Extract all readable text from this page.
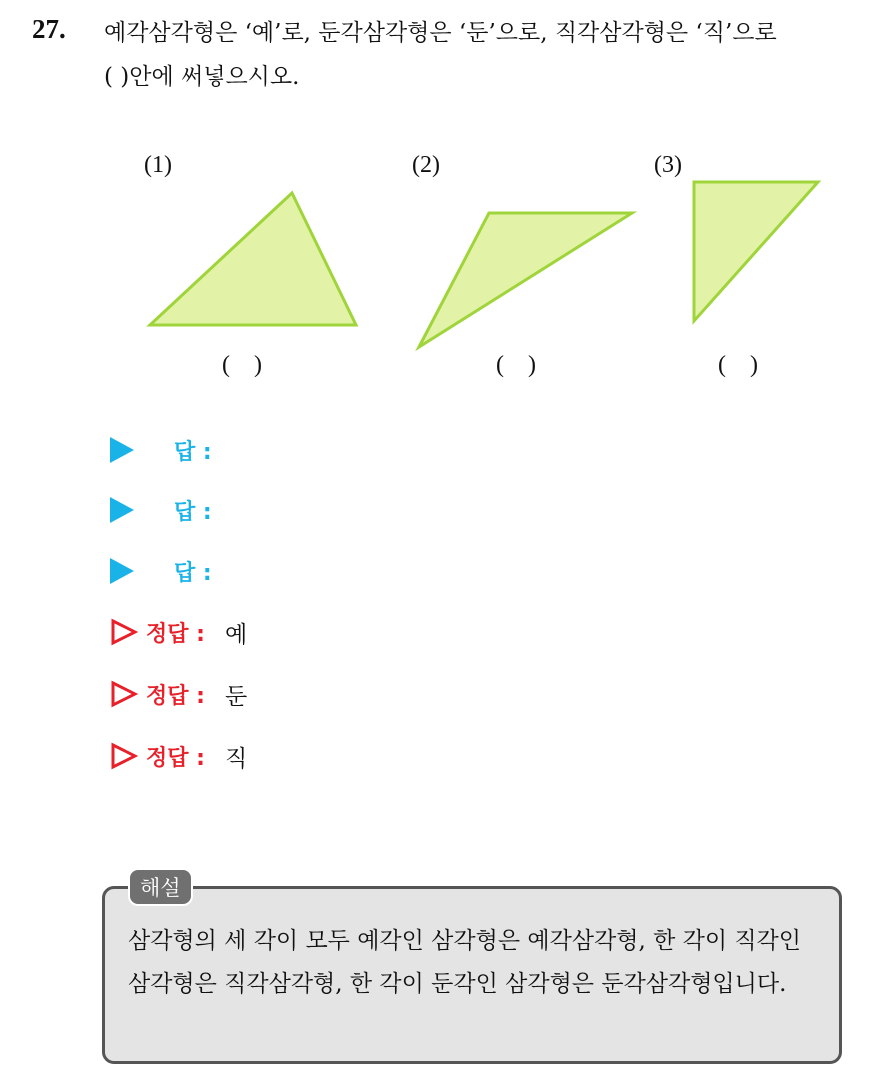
27. 예각삼각형은 ‘예’로, 둔각삼각형은 ‘둔’으로, 직각삼각형은 ‘직’으로
( )안에 써넣으시오.
(1)	(2)	(3)
(    )	(    )	(    )
답 :
답 :
답 :
정답 : 예
정답 : 둔
정답 : 직
해설
삼각형의 세 각이 모두 예각인 삼각형은 예각삼각형, 한 각이 직각인 삼각형은 직각삼각형, 한 각이 둔각인 삼각형은 둔각삼각형입니다.
